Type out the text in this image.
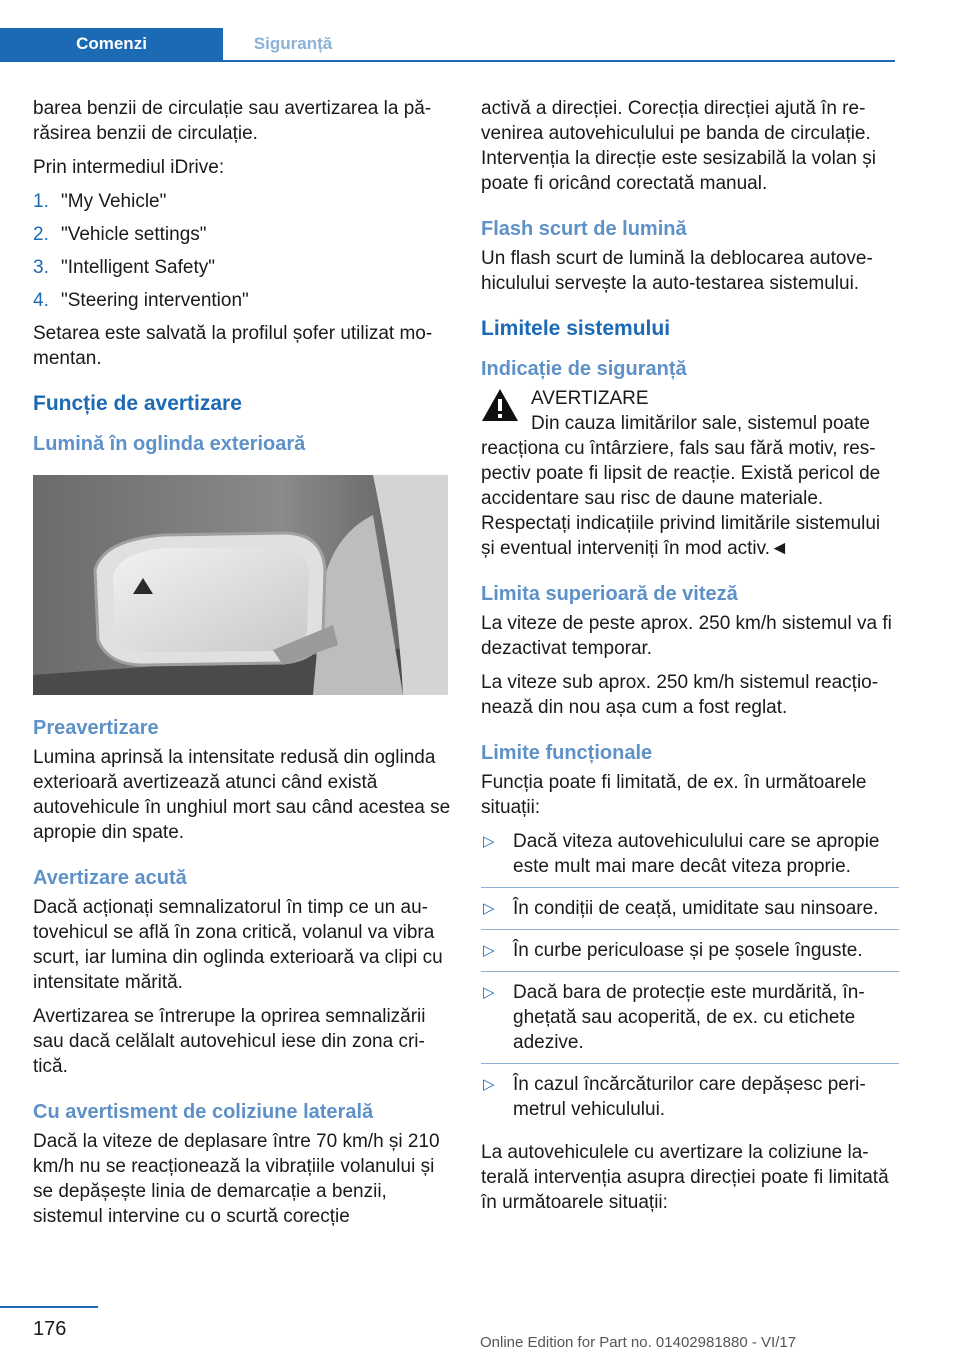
Comenzi	Siguranță

barea benzii de circulație sau avertizarea la părăsirea benzii de circulație.

Prin intermediul iDrive:

1. "My Vehicle"
2. "Vehicle settings"
3. "Intelligent Safety"
4. "Steering intervention"

Setarea este salvată la profilul șofer utilizat momentan.

Funcție de avertizare
Lumină în oglinda exterioară
Preavertizare

Lumina aprinsă la intensitate redusă din oglinda exterioară avertizează atunci când există autovehicule în unghiul mort sau când acestea se apropie din spate.

Avertizare acută

Dacă acționați semnalizatorul în timp ce un autovehicul se află în zona critică, volanul va vibra scurt, iar lumina din oglinda exterioară va clipi cu intensitate mărită.

Avertizarea se întrerupe la oprirea semnalizării sau dacă celălalt autovehicul iese din zona critică.

Cu avertisment de coliziune laterală

Dacă la viteze de deplasare între 70 km/h și 210 km/h nu se reacționează la vibrațiile volanului și se depășește linia de demarcație a benzii, sistemul intervine cu o scurtă corecție

activă a direcției. Corecția direcției ajută în revenirea autovehiculului pe banda de circulație. Intervenția la direcție este sesizabilă la volan și poate fi oricând corectată manual.

Flash scurt de lumină

Un flash scurt de lumină la deblocarea autovehiculului servește la auto-testarea sistemului.

Limitele sistemului
Indicație de siguranță
AVERTIZARE
Din cauza limitărilor sale, sistemul poate reacționa cu întârziere, fals sau fără motiv, respectiv poate fi lipsit de reacție. Există pericol de accidentare sau risc de daune materiale. Respectați indicațiile privind limitările sistemului și eventual interveniți în mod activ.◄
Limita superioară de viteză

La viteze de peste aprox. 250 km/h sistemul va fi dezactivat temporar.

La viteze sub aprox. 250 km/h sistemul reacționează din nou așa cum a fost reglat.

Limite funcționale

Funcția poate fi limitată, de ex. în următoarele situații:

▷ Dacă viteza autovehiculului care se apropie este mult mai mare decât viteza proprie.
▷ În condiții de ceață, umiditate sau ninsoare.
▷ În curbe periculoase și pe șosele înguste.
▷ Dacă bara de protecție este murdărită, înghețată sau acoperită, de ex. cu etichete adezive.
▷ În cazul încărcăturilor care depășesc perimetrul vehiculului.

La autovehiculele cu avertizare la coliziune laterală intervenția asupra direcției poate fi limitată în următoarele situații:

176
Online Edition for Part no. 01402981880 - VI/17
